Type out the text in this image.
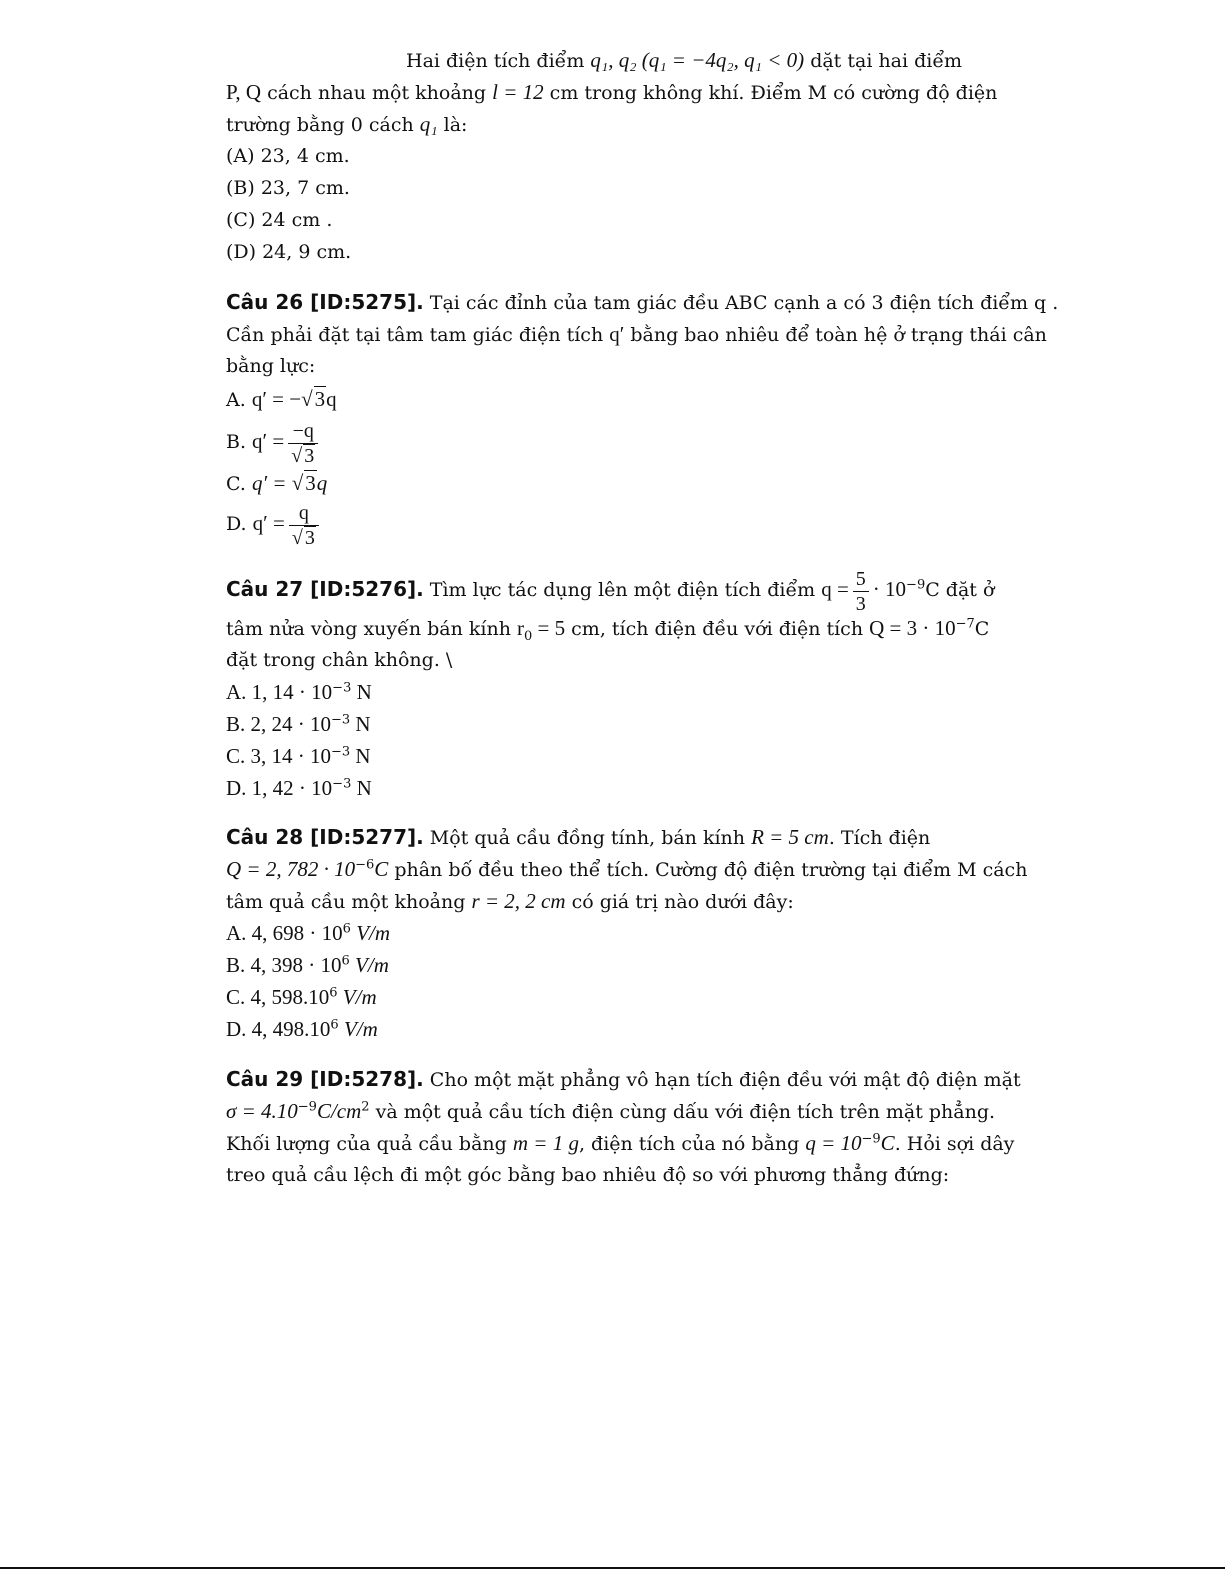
Hai điện tích điểm q₁, q₂ (q₁ = −4q₂, q₁ < 0) dặt tại hai điểm
P, Q cách nhau một khoảng l = 12 cm trong không khí. Điểm M có cường độ điện
trường bằng 0 cách q₁ là:
(A) 23, 4 cm.
(B) 23, 7 cm.
(C) 24 cm .
(D) 24, 9 cm.
Câu 26 [ID:5275]. Tại các đỉnh của tam giác đều ABC cạnh a có 3 điện tích điểm q .
Cần phải đặt tại tâm tam giác điện tích q′ bằng bao nhiêu để toàn hệ ở trạng thái cân
bằng lực:
A. q′ = −√3q
B. $q' = \frac{-q}{√ 3}$
C. q′ = √3q
D. $q' = \frac{q}{√ 3}$
Câu 27 [ID:5276]. Tìm lực tác dụng lên một điện tích điểm $q = \frac{5}{3} \cdot 10^{-9}C$ đặt ở
tâm nửa vòng xuyến bán kính $r_0 = 5$ cm, tích điện đều với điện tích $Q = 3 \cdot 10^{-7}C$
đặt trong chân không. \
A. 1, $14 \cdot 10^{-3}$ N
B. 2, $24 \cdot 10^{-3}$ N
C. 3, $14 \cdot 10^{-3}$ N
D. 1, $42 \cdot 10^{-3}$ N
Câu 28 [ID:5277]. Một quả cầu đồng tính, bán kính R = 5 cm. Tích điện
Q = 2, $782 \cdot 10^{-6}C$ phân bố đều theo thể tích. Cường độ điện trường tại điểm M cách
tâm quả cầu một khoảng r = 2, 2 cm có giá trị nào dưới đây:
A. 4, $698 \cdot 10^6$ V/m
B. 4, $398 \cdot 10^6$ V/m
C. 4, 598.10$^6$ V/m
D. 4, 498.10$^6$ V/m
Câu 29 [ID:5278]. Cho một mặt phẳng vô hạn tích điện đều với mật độ điện mặt
$\sigma = 4.10^{-9}C/cm^2$ và một quả cầu tích điện cùng dấu với điện tích trên mặt phẳng.
Khối lượng của quả cầu bằng m = 1 g, điện tích của nó bằng $q = 10^{-9}C$. Hỏi sợi dây
treo quả cầu lệch đi một góc bằng bao nhiêu độ so với phương thẳng đứng:
